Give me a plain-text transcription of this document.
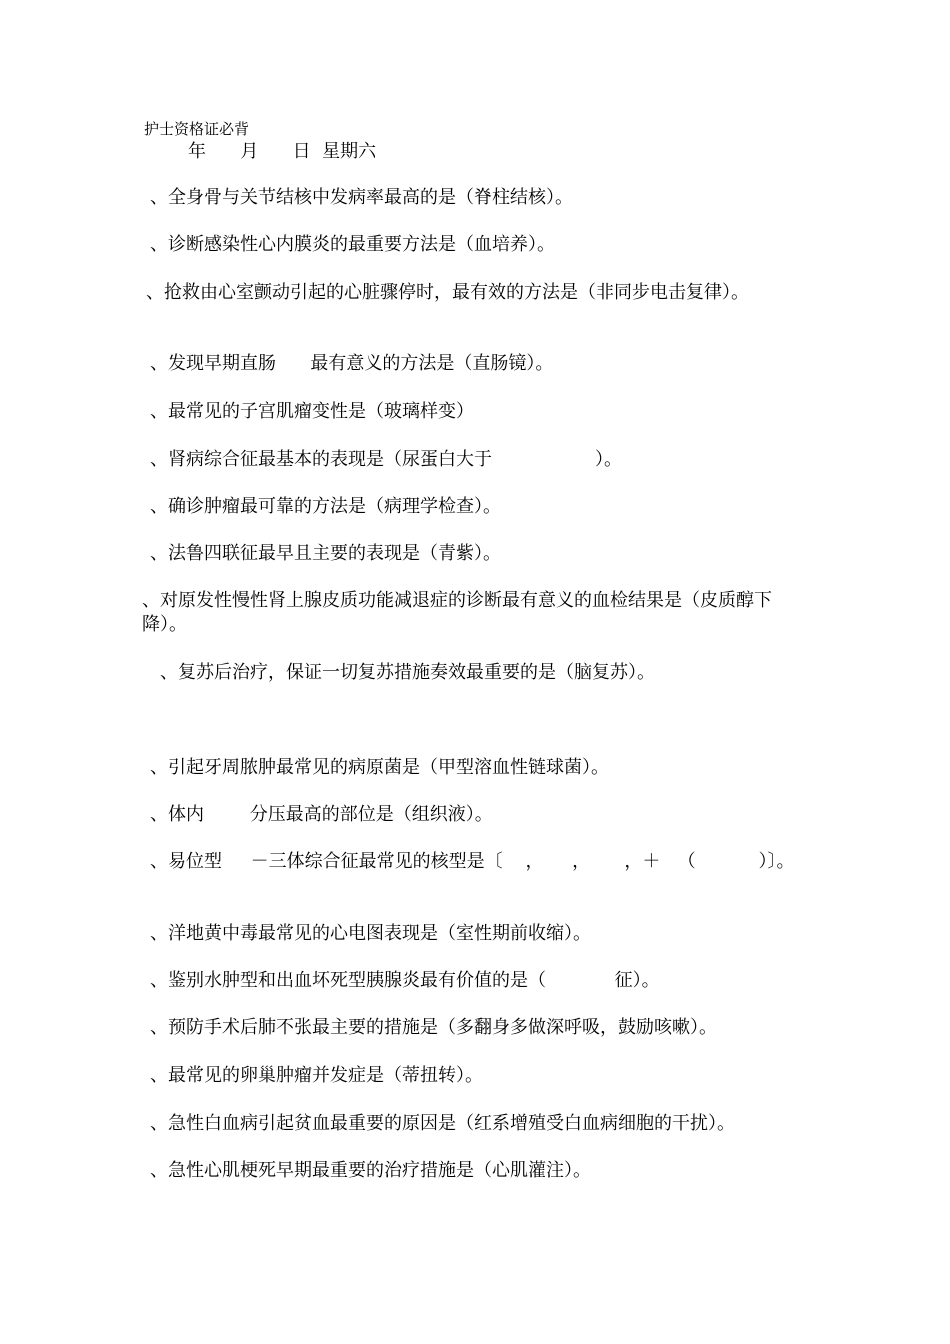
护士资格证必背
年      月      日  星期六
、全身骨与关节结核中发病率最高的是（脊柱结核）。
、诊断感染性心内膜炎的最重要方法是（血培养）。
、抢救由心室颤动引起的心脏骤停时，最有效的方法是（非同步电击复律）。
、发现早期直肠      最有意义的方法是（直肠镜）。
、最常见的子宫肌瘤变性是（玻璃样变）
、肾病综合征最基本的表现是（尿蛋白大于                  ）。
、确诊肿瘤最可靠的方法是（病理学检查）。
、法鲁四联征最早且主要的表现是（青紫）。
、对原发性慢性肾上腺皮质功能减退症的诊断最有意义的血检结果是（皮质醇下降）。
、复苏后治疗，保证一切复苏措施奏效最重要的是（脑复苏）。
、引起牙周脓肿最常见的病原菌是（甲型溶血性链球菌）。
、体内        分压最高的部位是（组织液）。
、易位型     －三体综合征最常见的核型是〔    ，     ，      ，＋   （           ）〕。
、洋地黄中毒最常见的心电图表现是（室性期前收缩）。
、鉴别水肿型和出血坏死型胰腺炎最有价值的是（            征）。
、预防手术后肺不张最主要的措施是（多翻身多做深呼吸，鼓励咳嗽）。
、最常见的卵巢肿瘤并发症是（蒂扭转）。
、急性白血病引起贫血最重要的原因是（红系增殖受白血病细胞的干扰）。
、急性心肌梗死早期最重要的治疗措施是（心肌灌注）。
